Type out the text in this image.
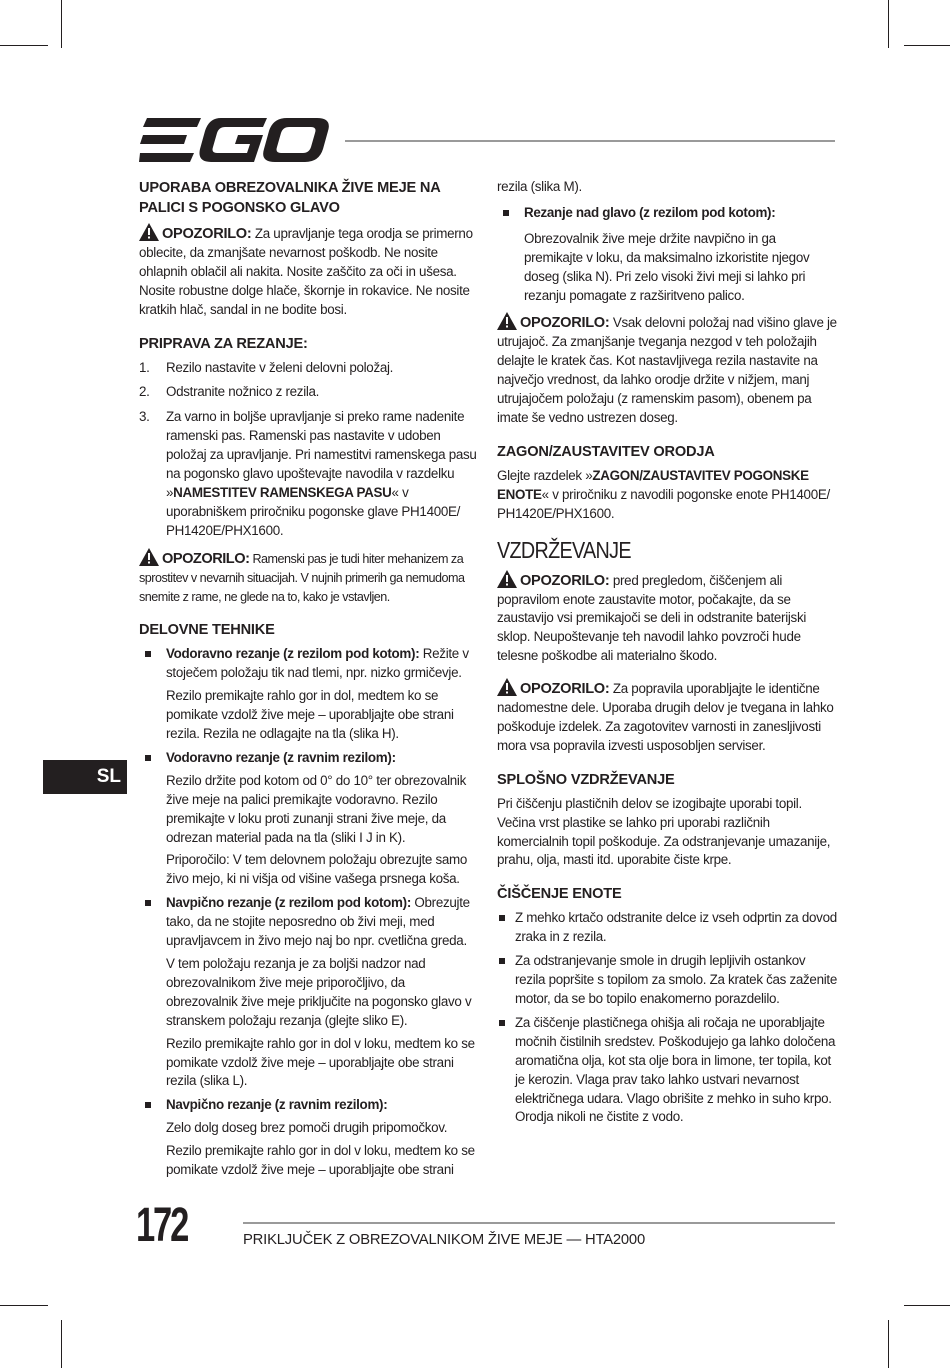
SL
UPORABA OBREZOVALNIKA ŽIVE MEJE NA PALICI S POGONSKO GLAVO

OPOZORILO: Za upravljanje tega orodja se primerno oblecite, da zmanjšate nevarnost poškodb. Ne nosite ohlapnih oblačil ali nakita. Nosite zaščito za oči in ušesa. Nosite robustne dolge hlače, škornje in rokavice. Ne nosite kratkih hlač, sandal in ne bodite bosi.

PRIPRAVA ZA REZANJE:
1. Rezilo nastavite v želeni delovni položaj.
2. Odstranite nožnico z rezila.
3. Za varno in boljše upravljanje si preko rame nadenite ramenski pas. Ramenski pas nastavite v udoben položaj za upravljanje. Pri namestitvi ramenskega pasu na pogonsko glavo upoštevajte navodila v razdelku »NAMESTITEV RAMENSKEGA PASU« v uporabniškem priročniku pogonske glave PH1400E/ PH1420E/PHX1600.

OPOZORILO: Ramenski pas je tudi hiter mehanizem za sprostitev v nevarnih situacijah. V nujnih primerih ga nemudoma snemite z rame, ne glede na to, kako je vstavljen.

DELOVNE TEHNIKE
Vodoravno rezanje (z rezilom pod kotom): Režite v stoječem položaju tik nad tlemi, npr. nizko grmičevje.

Rezilo premikajte rahlo gor in dol, medtem ko se pomikate vzdolž žive meje – uporabljajte obe strani rezila. Rezila ne odlagajte na tla (slika H).

Vodoravno rezanje (z ravnim rezilom):

Rezilo držite pod kotom od 0° do 10° ter obrezovalnik žive meje na palici premikajte vodoravno. Rezilo premikajte v loku proti zunanji strani žive meje, da odrezan material pada na tla (sliki I J in K).

Priporočilo: V tem delovnem položaju obrezujte samo živo mejo, ki ni višja od višine vašega prsnega koša.

Navpično rezanje (z rezilom pod kotom): Obrezujte tako, da ne stojite neposredno ob živi meji, med upravljavcem in živo mejo naj bo npr. cvetlična greda.

V tem položaju rezanja je za boljši nadzor nad obrezovalnikom žive meje priporočljivo, da obrezovalnik žive meje priključite na pogonsko glavo v stranskem položaju rezanja (glejte sliko E).

Rezilo premikajte rahlo gor in dol v loku, medtem ko se pomikate vzdolž žive meje – uporabljajte obe strani rezila (slika L).

Navpično rezanje (z ravnim rezilom):

Zelo dolg doseg brez pomoči drugih pripomočkov.

Rezilo premikajte rahlo gor in dol v loku, medtem ko se pomikate vzdolž žive meje – uporabljajte obe strani

rezila (slika M).

Rezanje nad glavo (z rezilom pod kotom):

Obrezovalnik žive meje držite navpično in ga premikajte v loku, da maksimalno izkoristite njegov doseg (slika N). Pri zelo visoki živi meji si lahko pri rezanju pomagate z razširitveno palico.

OPOZORILO: Vsak delovni položaj nad višino glave je utrujajoč. Za zmanjšanje tveganja nezgod v teh položajih delajte le kratek čas. Kot nastavljivega rezila nastavite na največjo vrednost, da lahko orodje držite v nižjem, manj utrujajočem položaju (z ramenskim pasom), obenem pa imate še vedno ustrezen doseg.

ZAGON/ZAUSTAVITEV ORODJA

Glejte razdelek »ZAGON/ZAUSTAVITEV POGONSKE ENOTE« v priročniku z navodili pogonske enote PH1400E/ PH1420E/PHX1600.

VZDRŽEVANJE

OPOZORILO: pred pregledom, čiščenjem ali popravilom enote zaustavite motor, počakajte, da se zaustavijo vsi premikajoči se deli in odstranite baterijski sklop. Neupoštevanje teh navodil lahko povzroči hude telesne poškodbe ali materialno škodo.

OPOZORILO: Za popravila uporabljajte le identične nadomestne dele. Uporaba drugih delov je tvegana in lahko poškoduje izdelek. Za zagotovitev varnosti in zanesljivosti mora vsa popravila izvesti usposobljen serviser.

SPLOŠNO VZDRŽEVANJE

Pri čiščenju plastičnih delov se izogibajte uporabi topil. Večina vrst plastike se lahko pri uporabi različnih komercialnih topil poškoduje. Za odstranjevanje umazanije, prahu, olja, masti itd. uporabite čiste krpe.

ČIŠČENJE ENOTE
Z mehko krtačo odstranite delce iz vseh odprtin za dovod zraka in z rezila.
Za odstranjevanje smole in drugih lepljivih ostankov rezila popršite s topilom za smolo. Za kratek čas zaženite motor, da se bo topilo enakomerno porazdelilo.
Za čiščenje plastičnega ohišja ali ročaja ne uporabljajte močnih čistilnih sredstev. Poškodujejo ga lahko določena aromatična olja, kot sta olje bora in limone, ter topila, kot je kerozin. Vlaga prav tako lahko ustvari nevarnost električnega udara. Vlago obrišite z mehko in suho krpo. Orodja nikoli ne čistite z vodo.
172	PRIKLJUČEK Z OBREZOVALNIKOM ŽIVE MEJE — HTA2000
